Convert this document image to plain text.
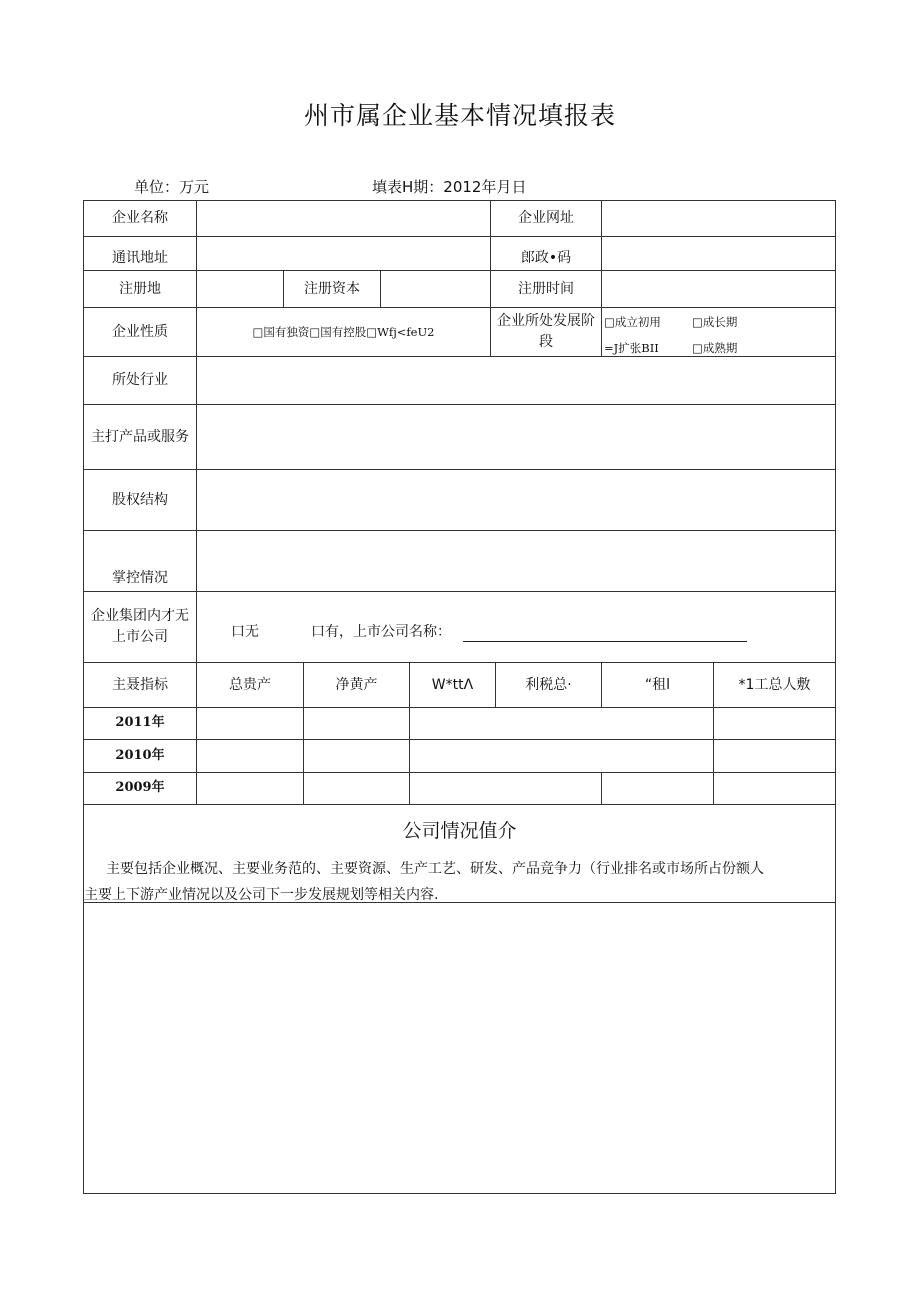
州市属企业基本情况填报表
单位：万元	填表H期：2012年月日
企业名称	企业网址
通讯地址	郎政•码
注册地	注册资本	注册时间
企业性质	□国有独资□国有控股□Wfj<feU2
企业所处发展阶
段
□成立初用	□成长期
=J扩张BII	□成熟期
所处行业
主打产品或服务
股权结构
掌控情况
企业集团内才无
上市公司	口无	口有，上市公司名称：
主聂指标	总贵产	净黄产	W*ttΛ	利税总·	“租l	*1工总人敷
2011年
2010年
2009年
公司情况值介
主要包括企业概况、主要业务范的、主要资源、生产工艺、研发、产品竞争力（行业排名或市场所占份额人
主要上下游产业情况以及公司下一步发展规划等相关内容.
